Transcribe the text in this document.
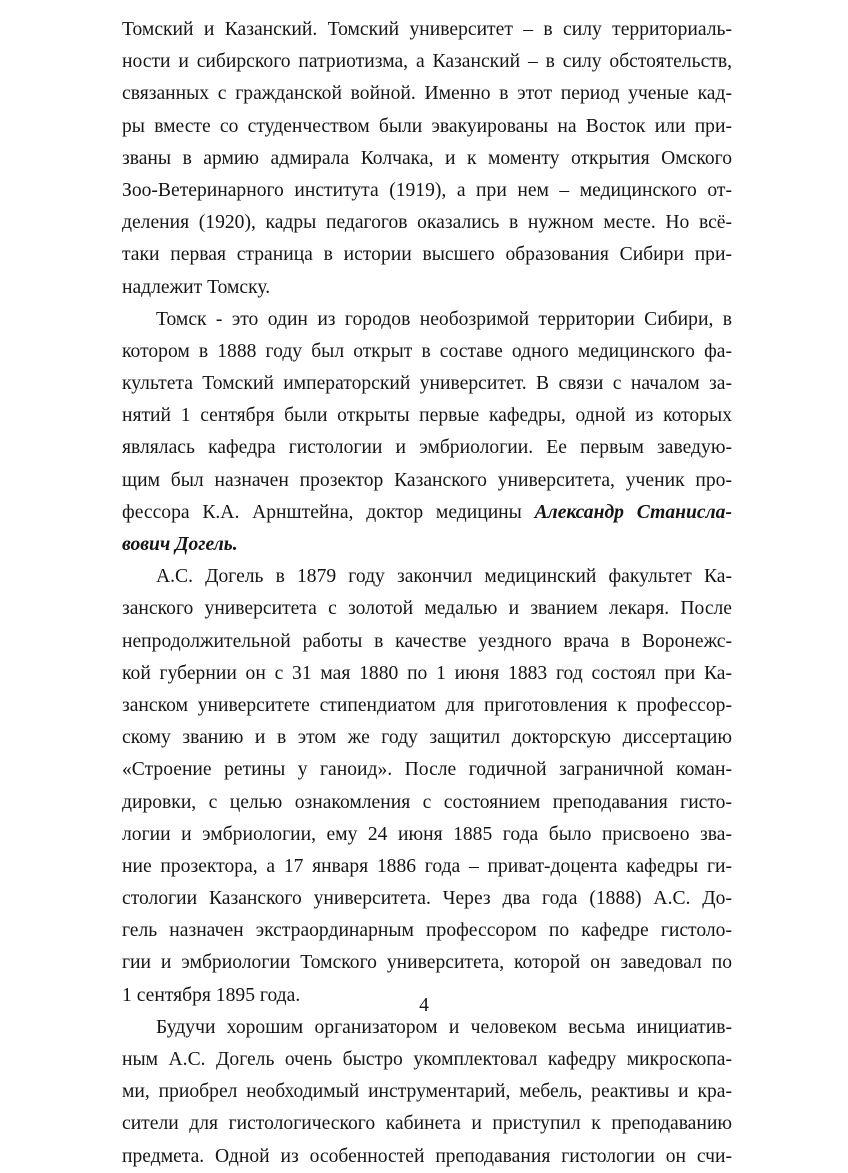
Томский и Казанский. Томский университет – в силу территориаль-
ности и сибирского патриотизма, а Казанский – в силу обстоятельств,
связанных с гражданской войной. Именно в этот период ученые кад-
ры вместе со студенчеством были эвакуированы на Восток или при-
званы в армию адмирала Колчака, и к моменту открытия Омского
Зоо-Ветеринарного института (1919), а при нем – медицинского от-
деления (1920), кадры педагогов оказались в нужном месте. Но всё-
таки первая страница в истории высшего образования Сибири при-
надлежит Томску.
Томск - это один из городов необозримой территории Сибири, в
котором в 1888 году был открыт в составе одного медицинского фа-
культета Томский императорский университет. В связи с началом за-
нятий 1 сентября были открыты первые кафедры, одной из которых
являлась кафедра гистологии и эмбриологии. Ее первым заведую-
щим был назначен прозектор Казанского университета, ученик про-
фессора К.А. Арнштейна, доктор медицины Александр Станисла-
вович Догель.
А.С. Догель в 1879 году закончил медицинский факультет Ка-
занского университета с золотой медалью и званием лекаря. После
непродолжительной работы в качестве уездного врача в Воронежс-
кой губернии он с 31 мая 1880 по 1 июня 1883 год состоял при Ка-
занском университете стипендиатом для приготовления к профессор-
скому званию и в этом же году защитил докторскую диссертацию
«Строение ретины у ганоид». После годичной заграничной коман-
дировки, с целью ознакомления с состоянием преподавания гисто-
логии и эмбриологии, ему 24 июня 1885 года было присвоено зва-
ние прозектора, а 17 января 1886 года – приват-доцента кафедры ги-
стологии Казанского университета. Через два года (1888) А.С. До-
гель назначен экстраординарным профессором по кафедре гистоло-
гии и эмбриологии Томского университета, которой он заведовал по
1 сентября 1895 года.
Будучи хорошим организатором и человеком весьма инициатив-
ным А.С. Догель очень быстро укомплектовал кафедру микроскопа-
ми, приобрел необходимый инструментарий, мебель, реактивы и кра-
сители для гистологического кабинета и приступил к преподаванию
предмета. Одной из особенностей преподавания гистологии он счи-
4
